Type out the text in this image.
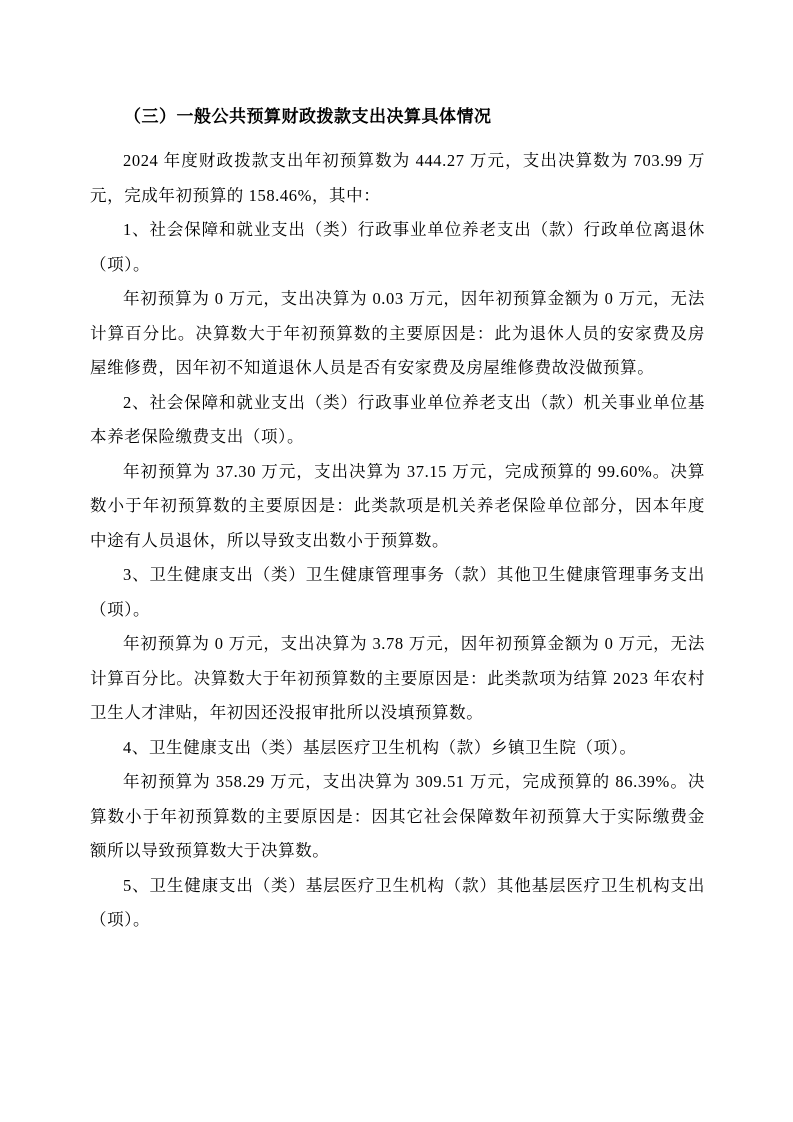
（三）一般公共预算财政拨款支出决算具体情况

2024 年度财政拨款支出年初预算数为 444.27 万元，支出决算数为 703.99 万元，完成年初预算的 158.46%，其中：

1、社会保障和就业支出（类）行政事业单位养老支出（款）行政单位离退休（项）。

年初预算为 0 万元，支出决算为 0.03 万元，因年初预算金额为 0 万元，无法计算百分比。决算数大于年初预算数的主要原因是：此为退休人员的安家费及房屋维修费，因年初不知道退休人员是否有安家费及房屋维修费故没做预算。

2、社会保障和就业支出（类）行政事业单位养老支出（款）机关事业单位基本养老保险缴费支出（项）。

年初预算为 37.30 万元，支出决算为 37.15 万元，完成预算的 99.60%。决算数小于年初预算数的主要原因是：此类款项是机关养老保险单位部分，因本年度中途有人员退休，所以导致支出数小于预算数。

3、卫生健康支出（类）卫生健康管理事务（款）其他卫生健康管理事务支出（项）。

年初预算为 0 万元，支出决算为 3.78 万元，因年初预算金额为 0 万元，无法计算百分比。决算数大于年初预算数的主要原因是：此类款项为结算 2023 年农村卫生人才津贴，年初因还没报审批所以没填预算数。

4、卫生健康支出（类）基层医疗卫生机构（款）乡镇卫生院（项）。

年初预算为 358.29 万元，支出决算为 309.51 万元，完成预算的 86.39%。决算数小于年初预算数的主要原因是：因其它社会保障数年初预算大于实际缴费金额所以导致预算数大于决算数。

5、卫生健康支出（类）基层医疗卫生机构（款）其他基层医疗卫生机构支出（项）。
